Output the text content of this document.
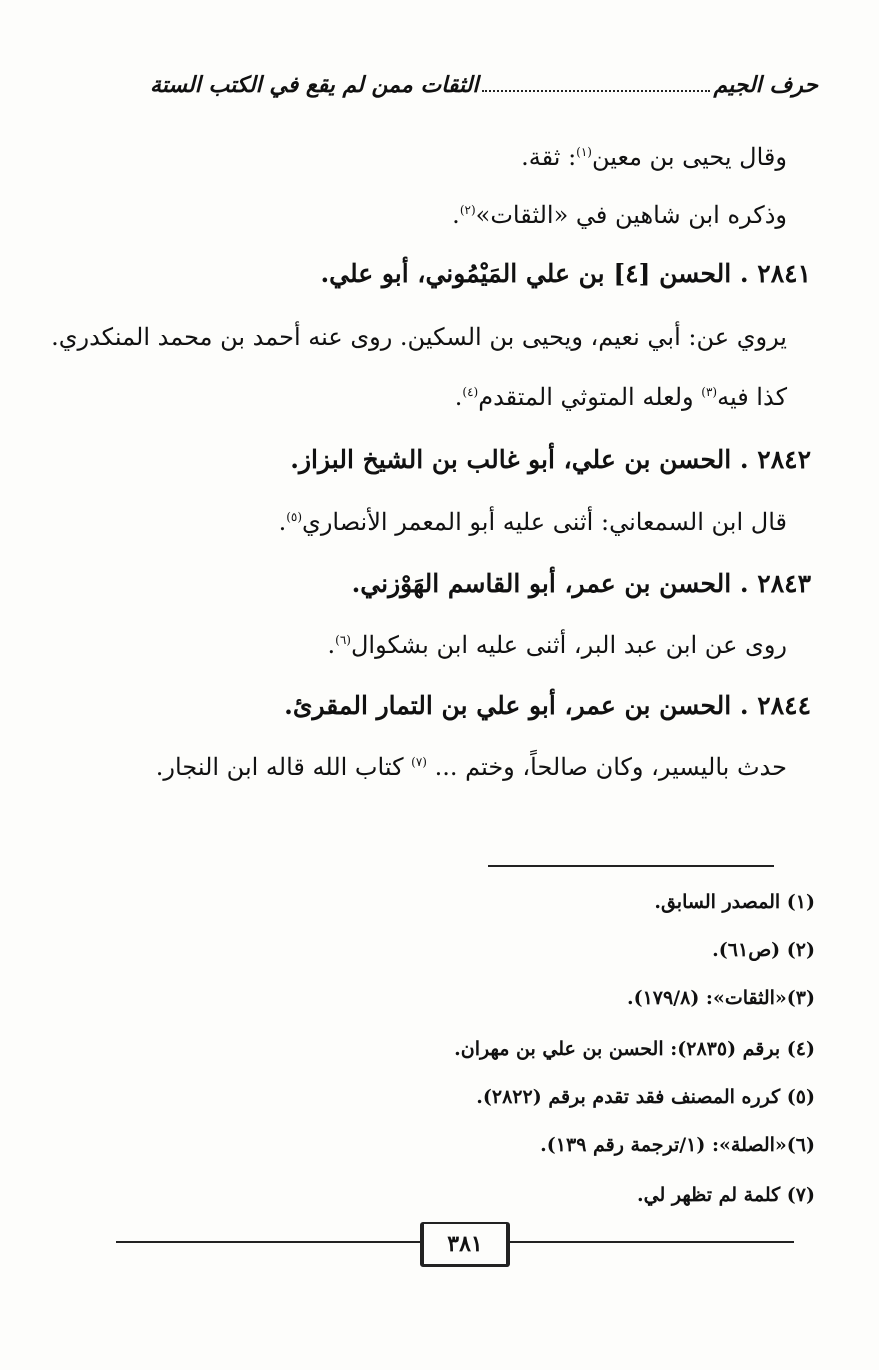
حرف الجيم
الثقات ممن لم يقع في الكتب الستة
وقال يحيى بن معين$^{(١)}$: ثقة.
وذكره ابن شاهين في «الثقات»$^{(٢)}$.
٢٨٤١ . الحسن [٤] بن علي المَيْمُوني، أبو علي.
يروي عن: أبي نعيم، ويحيى بن السكين. روى عنه أحمد بن محمد المنكدري.
كذا فيه$^{(٣)}$ ولعله المتوثي المتقدم$^{(٤)}$.
٢٨٤٢ . الحسن بن علي، أبو غالب بن الشيخ البزاز.
قال ابن السمعاني: أثنى عليه أبو المعمر الأنصاري$^{(٥)}$.
٢٨٤٣ . الحسن بن عمر، أبو القاسم الهَوْزني.
روى عن ابن عبد البر، أثنى عليه ابن بشكوال$^{(٦)}$.
٢٨٤٤ . الحسن بن عمر، أبو علي بن التمار المقرئ.
حدث باليسير، وكان صالحاً، وختم ... $^{(٧)}$ كتاب الله قاله ابن النجار.
(١) المصدر السابق.
(٢) (ص٦١).
(٣)«الثقات»: (١٧٩/٨).
(٤) برقم (٢٨٣٥): الحسن بن علي بن مهران.
(٥) كرره المصنف فقد تقدم برقم (٢٨٢٢).
(٦)«الصلة»: (١/ترجمة رقم ١٣٩).
(٧) كلمة لم تظهر لي.
٣٨١
